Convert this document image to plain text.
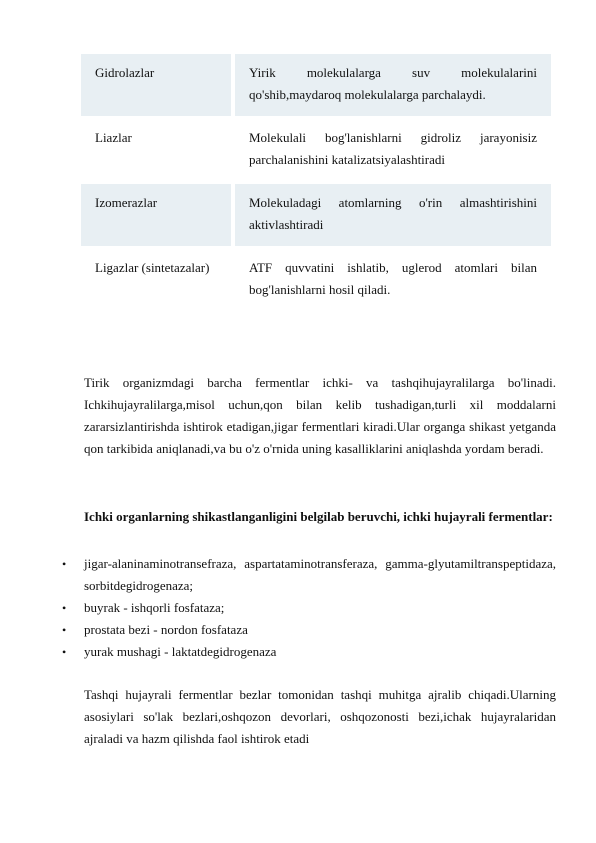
Gidrolazlar	Yirik molekulalarga suv molekulalarini qo'shib,maydaroq molekulalarga parchalaydi.
Liazlar	Molekulali bog'lanishlarni gidroliz jarayonisiz parchalanishini katalizatsiyalashtiradi
Izomerazlar	Molekuladagi atomlarning o'rin almashtirishini aktivlashtiradi
Ligazlar (sintetazalar)	ATF quvvatini ishlatib, uglerod atomlari bilan bog'lanishlarni hosil qiladi.

Tirik organizmdagi barcha fermentlar ichki- va tashqihujayralilarga bo'linadi. Ichkihujayralilarga,misol uchun,qon bilan kelib tushadigan,turli xil moddalarni zararsizlantirishda ishtirok etadigan,jigar fermentlari kiradi.Ular organga shikast yetganda qon tarkibida aniqlanadi,va bu o'z o'rnida uning kasalliklarini aniqlashda yordam beradi.

Ichki organlarning shikastlanganligini belgilab beruvchi, ichki hujayrali fermentlar:

• jigar-alaninaminotransefraza, aspartataminotransferaza, gamma-glyutamiltranspeptidaza, sorbitdegidrogenaza;
• buyrak - ishqorli fosfataza;
• prostata bezi - nordon fosfataza
• yurak mushagi - laktatdegidrogenaza

Tashqi hujayrali fermentlar bezlar tomonidan tashqi muhitga ajralib chiqadi.Ularning asosiylari so'lak bezlari,oshqozon devorlari, oshqozonosti bezi,ichak hujayralaridan ajraladi va hazm qilishda faol ishtirok etadi
